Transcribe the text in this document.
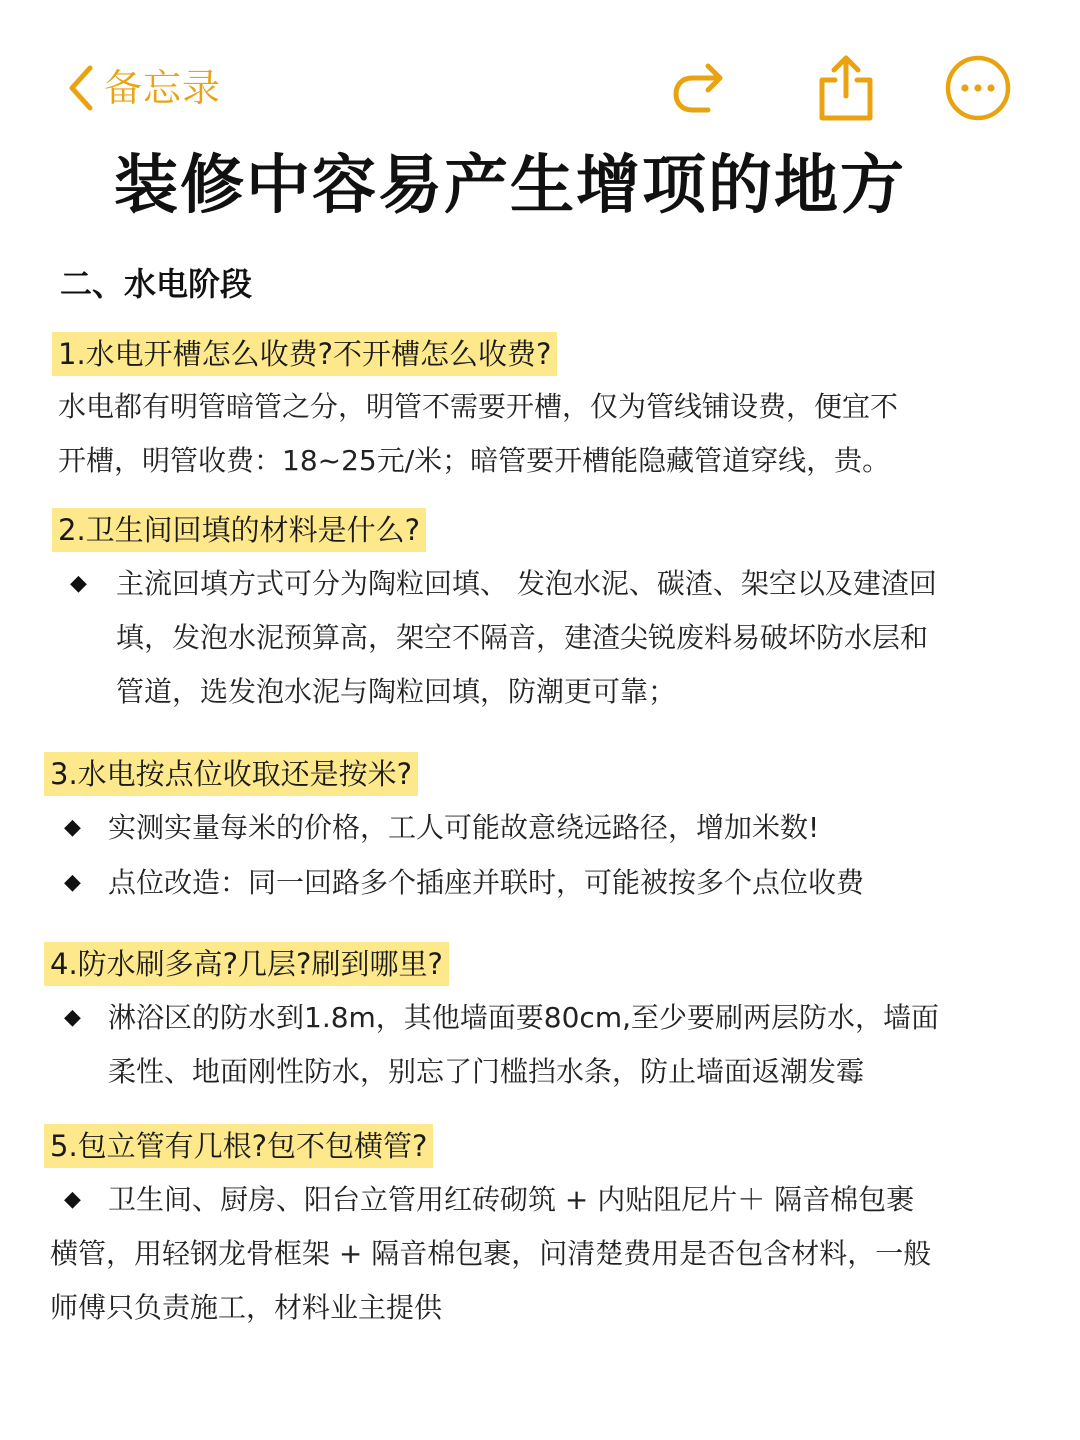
备忘录
装修中容易产生增项的地方
二、水电阶段
1.水电开槽怎么收费?不开槽怎么收费?
水电都有明管暗管之分，明管不需要开槽，仅为管线铺设费，便宜不
开槽，明管收费：18~25元/米；暗管要开槽能隐藏管道穿线，贵。
2.卫生间回填的材料是什么?
◆ 主流回填方式可分为陶粒回填、 发泡水泥、碳渣、架空以及建渣回
填，发泡水泥预算高，架空不隔音，建渣尖锐废料易破坏防水层和
管道，选发泡水泥与陶粒回填，防潮更可靠；
3.水电按点位收取还是按米?
◆ 实测实量每米的价格，工人可能故意绕远路径，增加米数!
◆ 点位改造：同一回路多个插座并联时，可能被按多个点位收费
4.防水刷多高?几层?刷到哪里?
◆ 淋浴区的防水到1.8m，其他墙面要80cm,至少要刷两层防水，墙面
柔性、地面刚性防水，别忘了门槛挡水条，防止墙面返潮发霉
5.包立管有几根?包不包横管?
◆ 卫生间、厨房、阳台立管用红砖砌筑 + 内贴阻尼片＋ 隔音棉包裹
横管，用轻钢龙骨框架 + 隔音棉包裹，问清楚费用是否包含材料，一般
师傅只负责施工，材料业主提供
